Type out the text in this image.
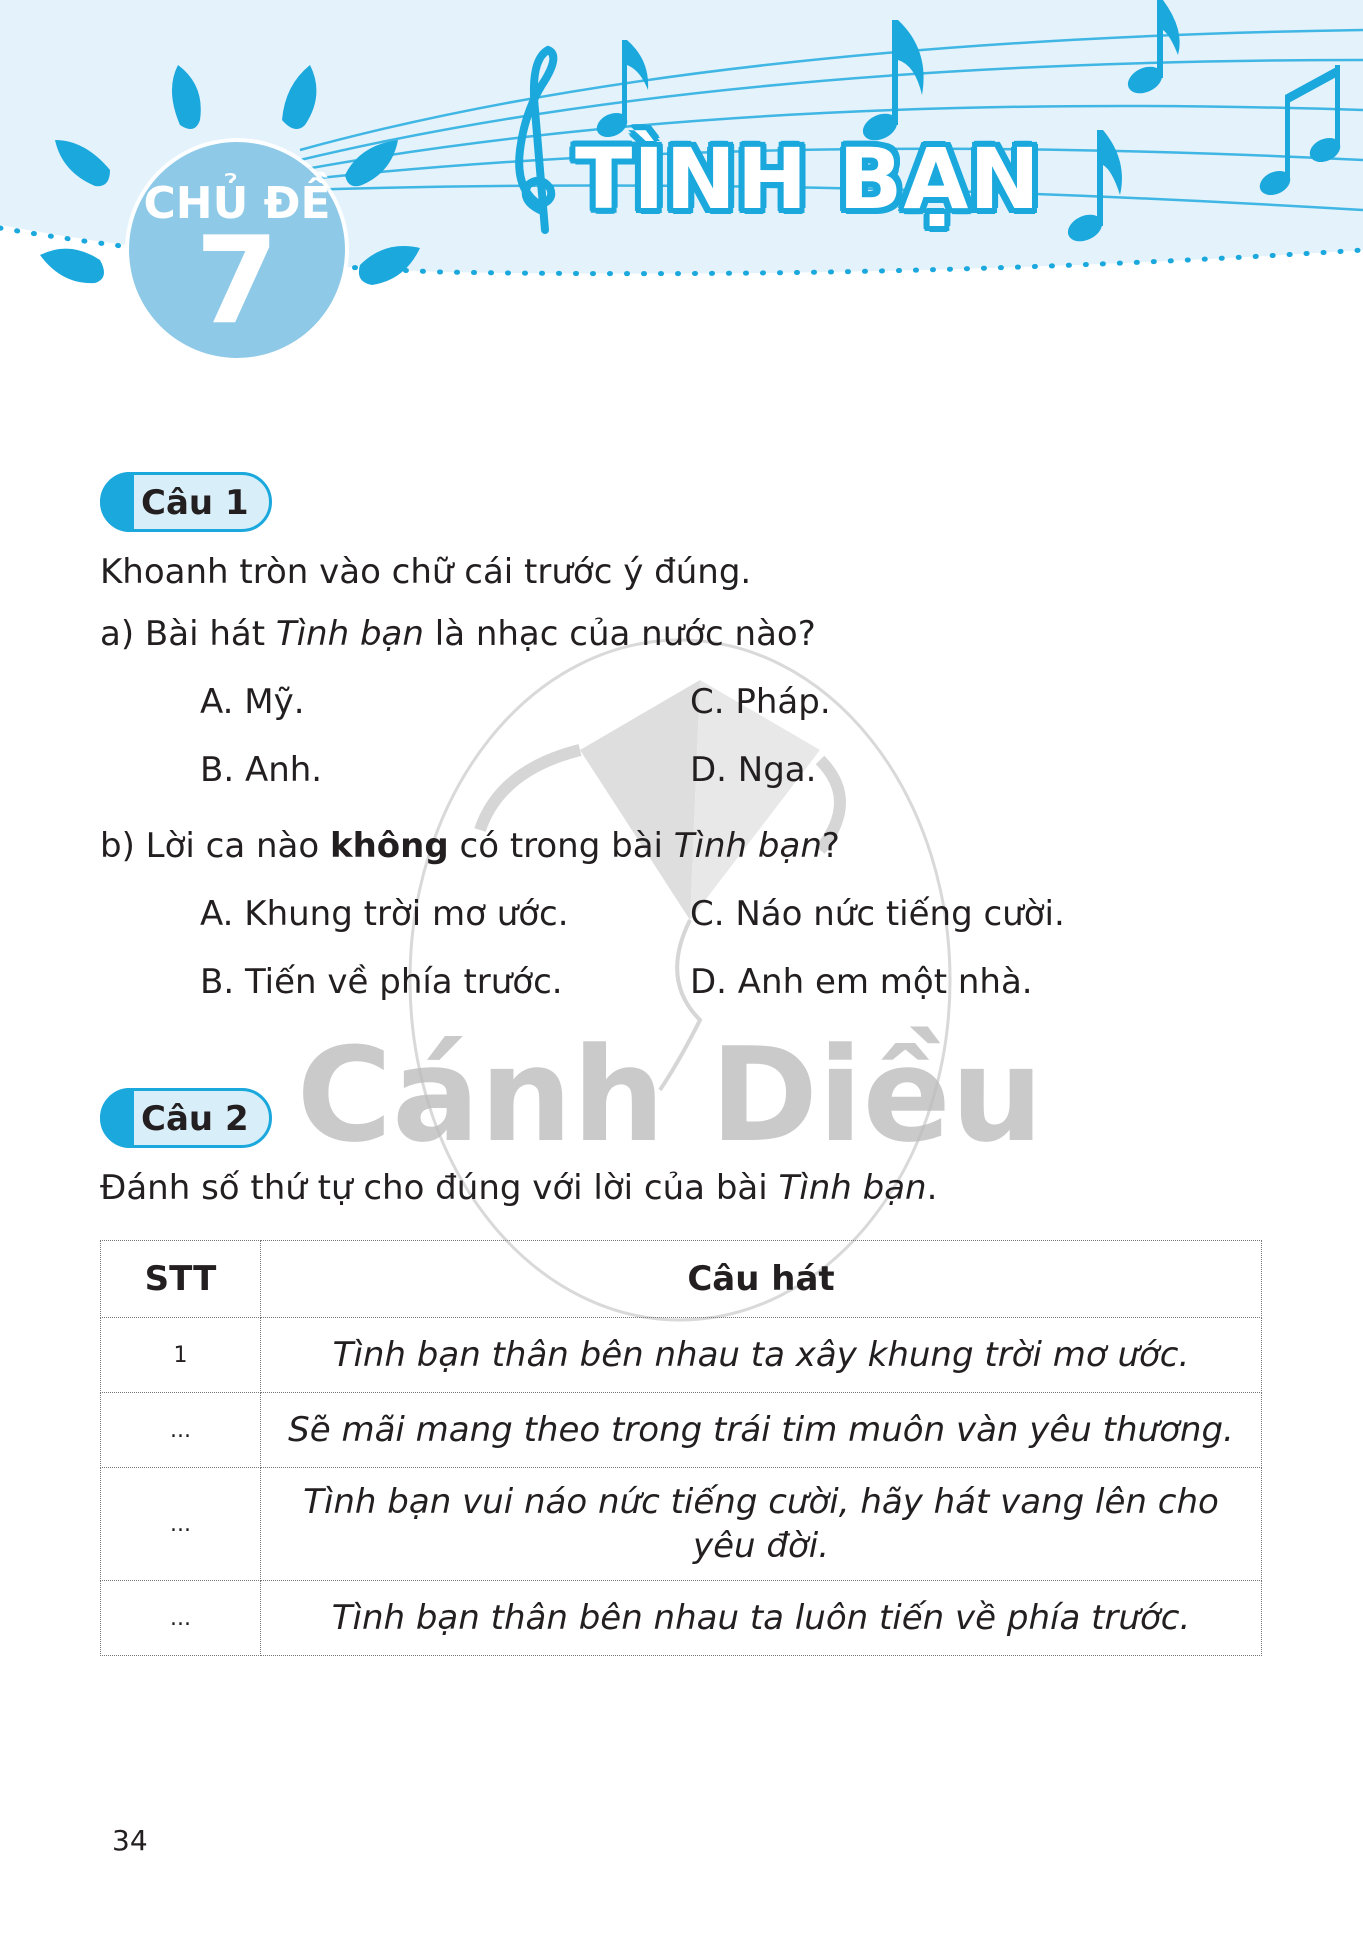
CHỦ ĐỀ
7
TÌNH BẠN
Cánh Diều
Câu 1
Khoanh tròn vào chữ cái trước ý đúng.
a) Bài hát Tình bạn là nhạc của nước nào?
A. Mỹ.	C. Pháp.
B. Anh.	D. Nga.
b) Lời ca nào không có trong bài Tình bạn?
A. Khung trời mơ ước.	C. Náo nức tiếng cười.
B. Tiến về phía trước.	D. Anh em một nhà.
Câu 2
Đánh số thứ tự cho đúng với lời của bài Tình bạn.
STT	Câu hát
1	Tình bạn thân bên nhau ta xây khung trời mơ ước.
...	Sẽ mãi mang theo trong trái tim muôn vàn yêu thương.
...	Tình bạn vui náo nức tiếng cười, hãy hát vang lên cho yêu đời.
...	Tình bạn thân bên nhau ta luôn tiến về phía trước.
34
